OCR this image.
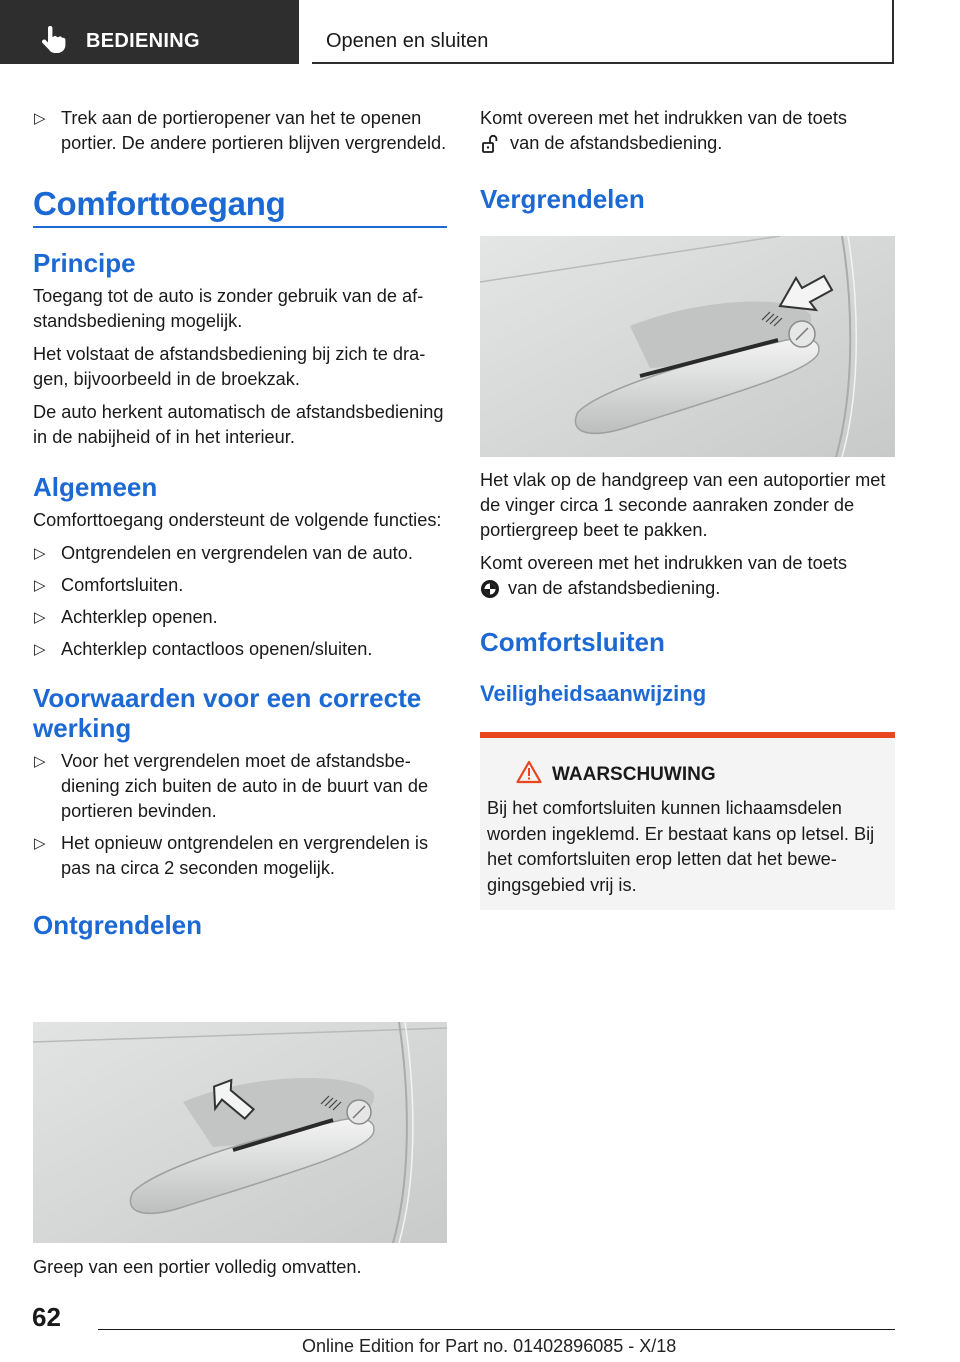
BEDIENING	Openen en sluiten
▷ Trek aan de portieropener van het te openen portier. De andere portieren blijven vergrendeld.
Comforttoegang
Principe

Toegang tot de auto is zonder gebruik van de afstandsbediening mogelijk.

Het volstaat de afstandsbediening bij zich te dragen, bijvoorbeeld in de broekzak.

De auto herkent automatisch de afstandsbediening in de nabijheid of in het interieur.

Algemeen

Comforttoegang ondersteunt de volgende functies:

▷ Ontgrendelen en vergrendelen van de auto.
▷ Comfortsluiten.
▷ Achterklep openen.
▷ Achterklep contactloos openen/sluiten.
Voorwaarden voor een correcte werking
▷ Voor het vergrendelen moet de afstandsbediening zich buiten de auto in de buurt van de portieren bevinden.
▷ Het opnieuw ontgrendelen en vergrendelen is pas na circa 2 seconden mogelijk.
Ontgrendelen

Greep van een portier volledig omvatten.

Komt overeen met het indrukken van de toets
van de afstandsbediening.

Vergrendelen

Het vlak op de handgreep van een autoportier met de vinger circa 1 seconde aanraken zonder de portiergreep beet te pakken.

Komt overeen met het indrukken van de toets
van de afstandsbediening.

Comfortsluiten
Veiligheidsaanwijzing
WAARSCHUWING
Bij het comfortsluiten kunnen lichaamsdelen worden ingeklemd. Er bestaat kans op letsel. Bij het comfortsluiten erop letten dat het bewegingsgebied vrij is.
62
Online Edition for Part no. 01402896085 - X/18
